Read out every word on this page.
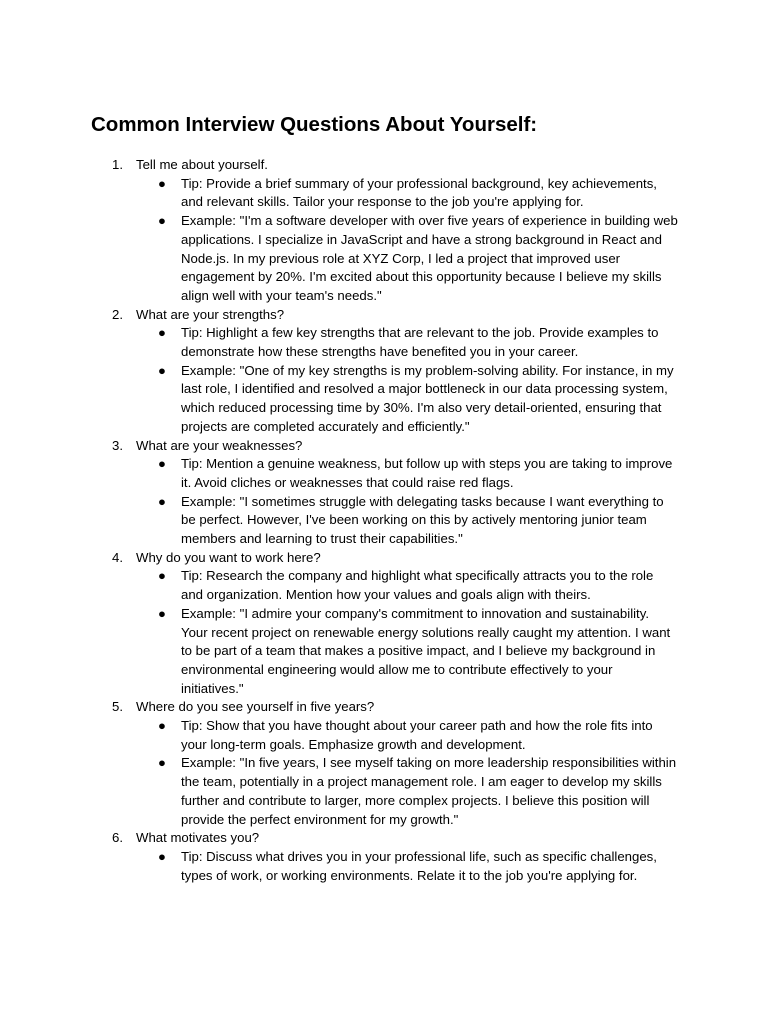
Common Interview Questions About Yourself:
1. Tell me about yourself.
● Tip: Provide a brief summary of your professional background, key achievements, and relevant skills. Tailor your response to the job you're applying for.

● Example: "I'm a software developer with over five years of experience in building web applications. I specialize in JavaScript and have a strong background in React and Node.js. In my previous role at XYZ Corp, I led a project that improved user engagement by 20%. I'm excited about this opportunity because I believe my skills align well with your team's needs."

2. What are your strengths?
● Tip: Highlight a few key strengths that are relevant to the job. Provide examples to demonstrate how these strengths have benefited you in your career.

● Example: "One of my key strengths is my problem-solving ability. For instance, in my last role, I identified and resolved a major bottleneck in our data processing system, which reduced processing time by 30%. I'm also very detail-oriented, ensuring that projects are completed accurately and efficiently."

3. What are your weaknesses?
● Tip: Mention a genuine weakness, but follow up with steps you are taking to improve it. Avoid cliches or weaknesses that could raise red flags.

● Example: "I sometimes struggle with delegating tasks because I want everything to be perfect. However, I've been working on this by actively mentoring junior team members and learning to trust their capabilities."

4. Why do you want to work here?
● Tip: Research the company and highlight what specifically attracts you to the role and organization. Mention how your values and goals align with theirs.

● Example: "I admire your company's commitment to innovation and sustainability. Your recent project on renewable energy solutions really caught my attention. I want to be part of a team that makes a positive impact, and I believe my background in environmental engineering would allow me to contribute effectively to your initiatives."

5. Where do you see yourself in five years?
● Tip: Show that you have thought about your career path and how the role fits into your long-term goals. Emphasize growth and development.

● Example: "In five years, I see myself taking on more leadership responsibilities within the team, potentially in a project management role. I am eager to develop my skills further and contribute to larger, more complex projects. I believe this position will provide the perfect environment for my growth."

6. What motivates you?
● Tip: Discuss what drives you in your professional life, such as specific challenges, types of work, or working environments. Relate it to the job you're applying for.
